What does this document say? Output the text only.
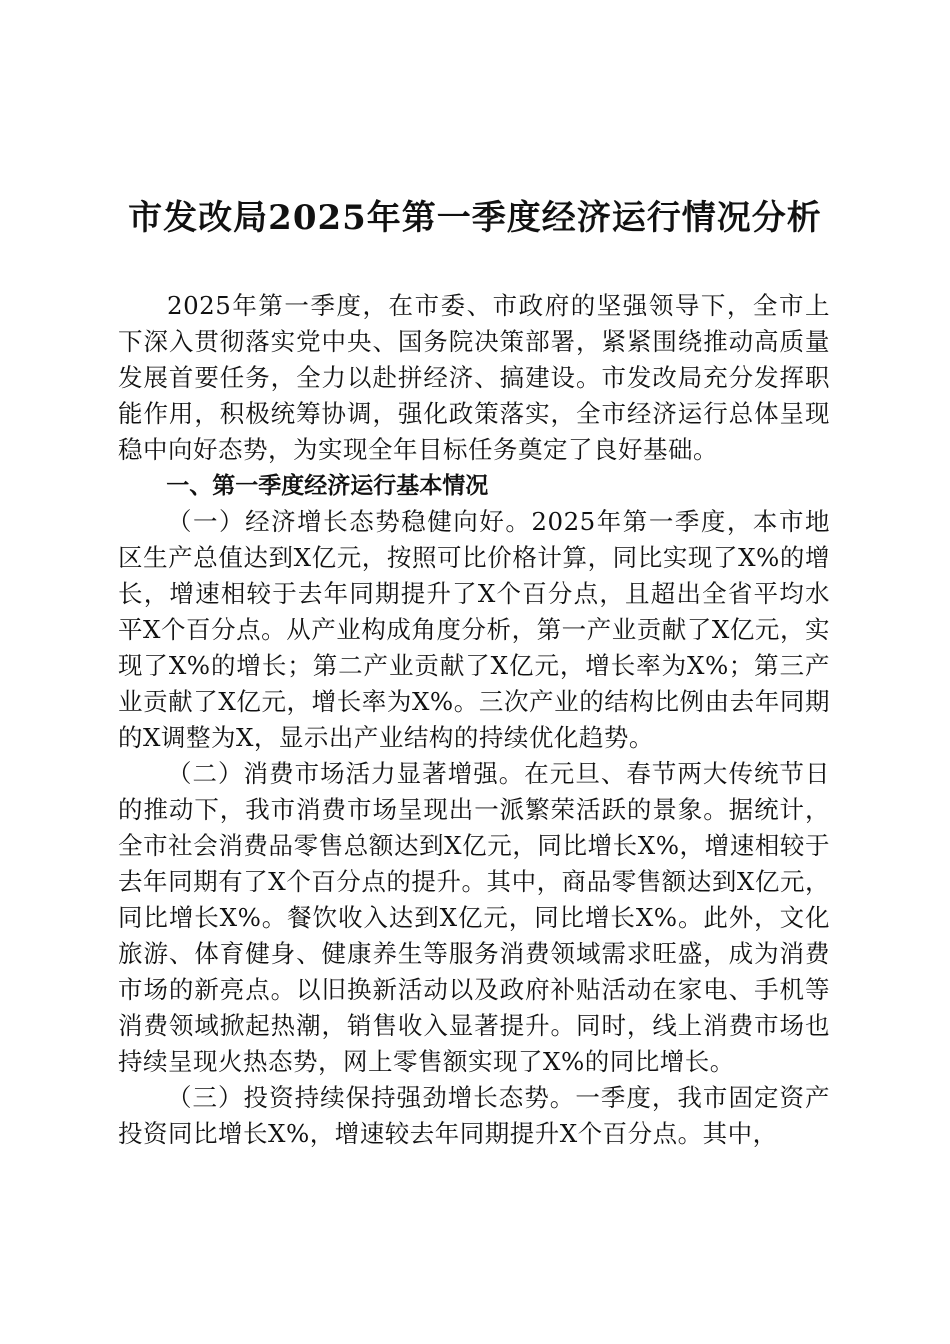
市发改局2025年第一季度经济运行情况分析

2025年第一季度，在市委、市政府的坚强领导下，全市上下深入贯彻落实党中央、国务院决策部署，紧紧围绕推动高质量发展首要任务，全力以赴拼经济、搞建设。市发改局充分发挥职能作用，积极统筹协调，强化政策落实，全市经济运行总体呈现稳中向好态势，为实现全年目标任务奠定了良好基础。

一、第一季度经济运行基本情况

（一）经济增长态势稳健向好。2025年第一季度，本市地区生产总值达到X亿元，按照可比价格计算，同比实现了X%的增长，增速相较于去年同期提升了X个百分点，且超出全省平均水平X个百分点。从产业构成角度分析，第一产业贡献了X亿元，实现了X%的增长；第二产业贡献了X亿元，增长率为X%；第三产业贡献了X亿元，增长率为X%。三次产业的结构比例由去年同期的X调整为X，显示出产业结构的持续优化趋势。

（二）消费市场活力显著增强。在元旦、春节两大传统节日的推动下，我市消费市场呈现出一派繁荣活跃的景象。据统计，全市社会消费品零售总额达到X亿元，同比增长X%，增速相较于去年同期有了X个百分点的提升。其中，商品零售额达到X亿元，同比增长X%。餐饮收入达到X亿元，同比增长X%。此外，文化旅游、体育健身、健康养生等服务消费领域需求旺盛，成为消费市场的新亮点。以旧换新活动以及政府补贴活动在家电、手机等消费领域掀起热潮，销售收入显著提升。同时，线上消费市场也持续呈现火热态势，网上零售额实现了X%的同比增长。

（三）投资持续保持强劲增长态势。一季度，我市固定资产投资同比增长X%，增速较去年同期提升X个百分点。其中，
